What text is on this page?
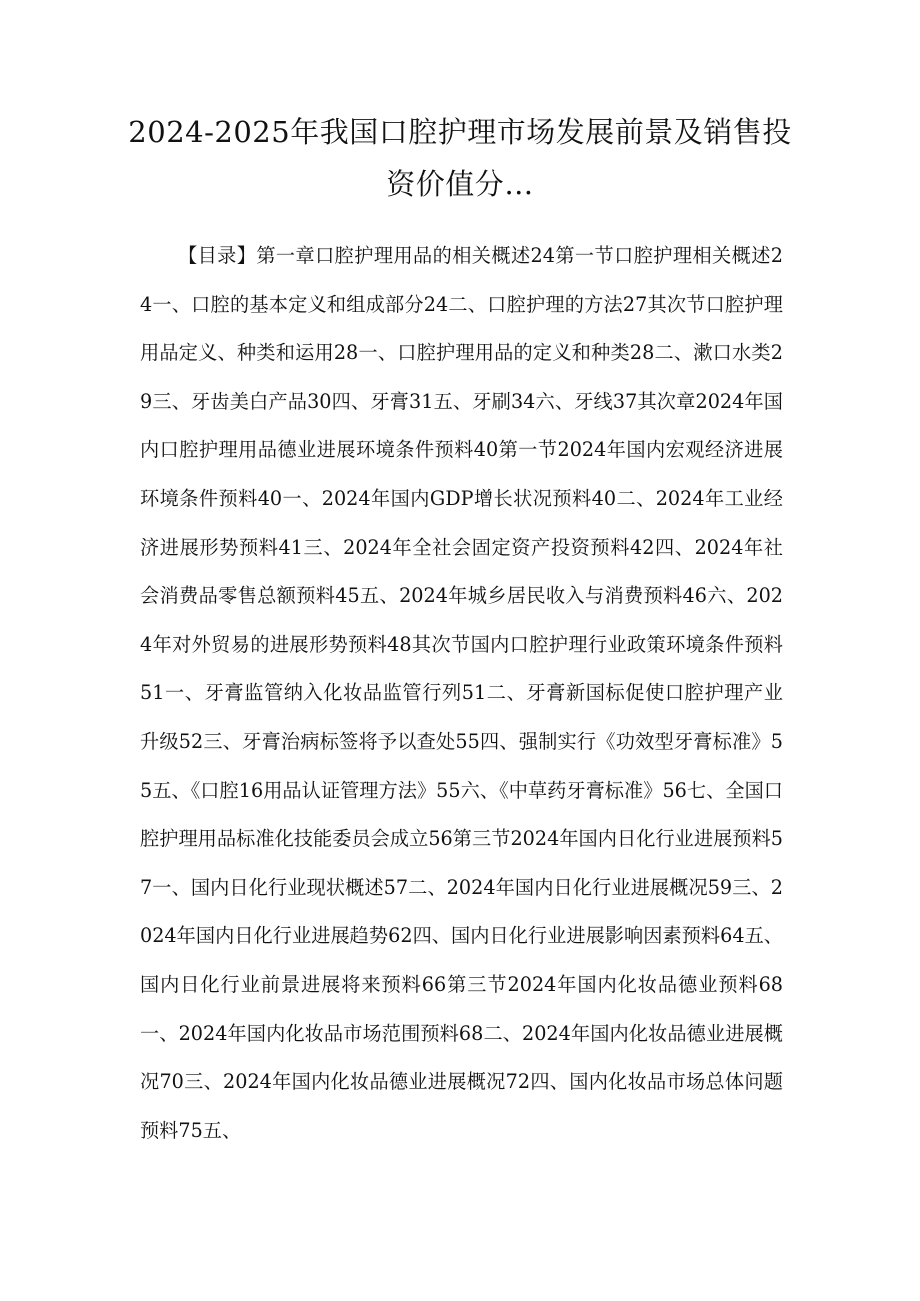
2024-2025年我国口腔护理市场发展前景及销售投资价值分…

【目录】第一章口腔护理用品的相关概述24第一节口腔护理相关概述24一、口腔的基本定义和组成部分24二、口腔护理的方法27其次节口腔护理用品定义、种类和运用28一、口腔护理用品的定义和种类28二、漱口水类29三、牙齿美白产品30四、牙膏31五、牙刷34六、牙线37其次章2024年国内口腔护理用品德业进展环境条件预料40第一节2024年国内宏观经济进展环境条件预料40一、2024年国内GDP增长状况预料40二、2024年工业经济进展形势预料41三、2024年全社会固定资产投资预料42四、2024年社会消费品零售总额预料45五、2024年城乡居民收入与消费预料46六、2024年对外贸易的进展形势预料48其次节国内口腔护理行业政策环境条件预料51一、牙膏监管纳入化妆品监管行列51二、牙膏新国标促使口腔护理产业升级52三、牙膏治病标签将予以查处55四、强制实行《功效型牙膏标准》55五、《口腔16用品认证管理方法》55六、《中草药牙膏标准》56七、全国口腔护理用品标准化技能委员会成立56第三节2024年国内日化行业进展预料57一、国内日化行业现状概述57二、2024年国内日化行业进展概况59三、2024年国内日化行业进展趋势62四、国内日化行业进展影响因素预料64五、国内日化行业前景进展将来预料66第三节2024年国内化妆品德业预料68一、2024年国内化妆品市场范围预料68二、2024年国内化妆品德业进展概况70三、2024年国内化妆品德业进展概况72四、国内化妆品市场总体问题预料75五、
